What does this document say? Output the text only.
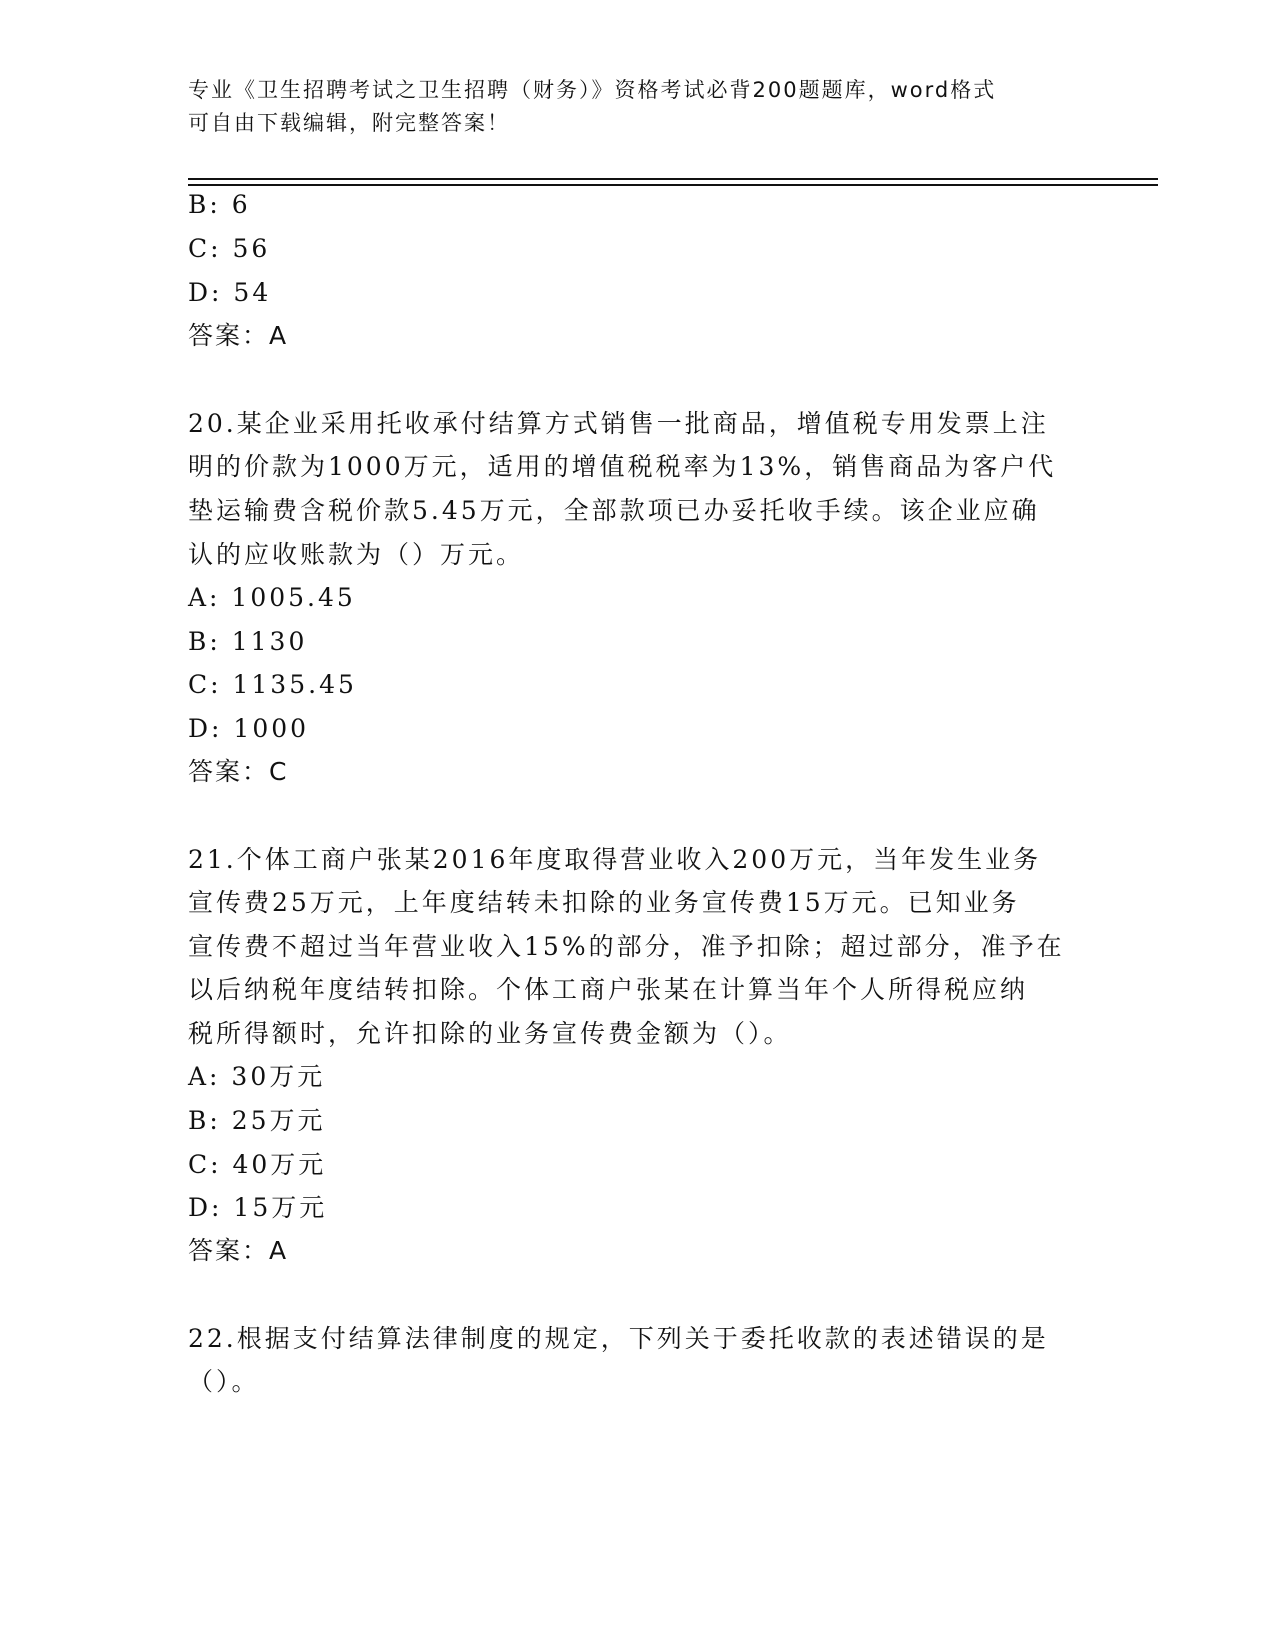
专业《卫生招聘考试之卫生招聘（财务）》资格考试必背200题题库，word格式
可自由下载编辑，附完整答案！
B: 6
C: 56
D: 54
答案：A
20.某企业采用托收承付结算方式销售一批商品，增值税专用发票上注
明的价款为1000万元，适用的增值税税率为13%，销售商品为客户代
垫运输费含税价款5.45万元，全部款项已办妥托收手续。该企业应确
认的应收账款为（）万元。
A: 1005.45
B: 1130
C: 1135.45
D: 1000
答案：C
21.个体工商户张某2016年度取得营业收入200万元，当年发生业务
宣传费25万元，上年度结转未扣除的业务宣传费15万元。已知业务
宣传费不超过当年营业收入15%的部分，准予扣除；超过部分，准予在
以后纳税年度结转扣除。个体工商户张某在计算当年个人所得税应纳
税所得额时，允许扣除的业务宣传费金额为（）。
A: 30万元
B: 25万元
C: 40万元
D: 15万元
答案：A
22.根据支付结算法律制度的规定，下列关于委托收款的表述错误的是
（）。
